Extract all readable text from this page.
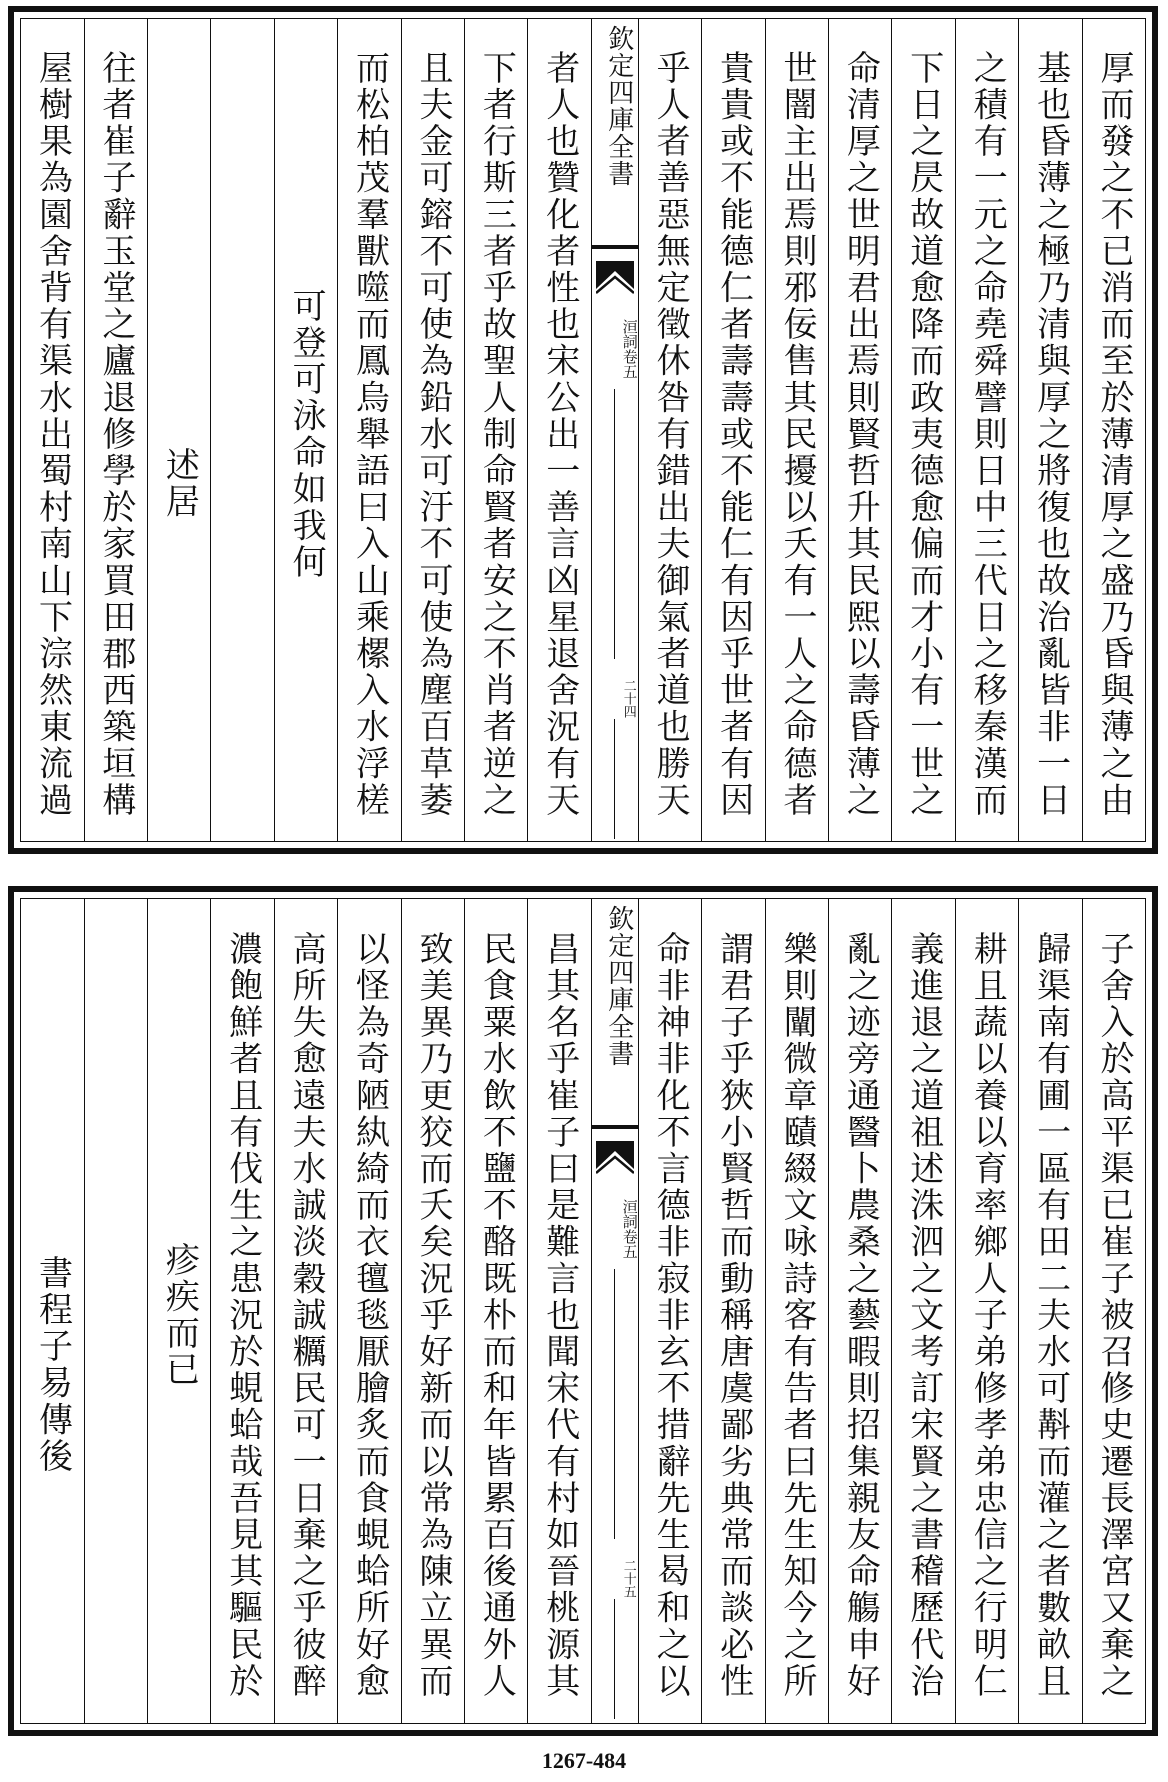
厚而發之不已消而至於薄清厚之盛乃昏與薄之由
基也昏薄之極乃清與厚之將復也故治亂皆非一日
之積有一元之命堯舜譬則日中三代日之移秦漢而
下日之昃故道愈降而政夷德愈偏而才小有一世之
命清厚之世明君出焉則賢哲升其民熙以壽昏薄之
世闇主出焉則邪佞售其民擾以夭有一人之命德者
貴貴或不能德仁者壽壽或不能仁有因乎世者有因
乎人者善惡無定徵休咎有錯出夫御氣者道也勝天
欽定四庫全書
洹詞
卷五
二十四
者人也贊化者性也宋公出一善言凶星退舍況有天
下者行斯三者乎故聖人制命賢者安之不肖者逆之
且夫金可鎔不可使為鉛水可汙不可使為塵百草萎
而松柏茂羣獸噬而鳳烏舉語曰入山乘樏入水浮槎
可登可泳命如我何
述居
往者崔子辭玉堂之廬退修學於家買田郡西築垣構
屋樹果為園舍背有渠水出蜀村南山下淙然東流過
子舍入於高平渠已崔子被召修史遷長澤宮又棄之
歸渠南有圃一區有田二夫水可斠而灌之者數畝且
耕且蔬以養以育率鄉人子弟修孝弟忠信之行明仁
義進退之道祖述洙泗之文考訂宋賢之書稽歷代治
亂之迹旁通醫卜農桑之藝暇則招集親友命觴申好
樂則闡微章賾綴文咏詩客有告者曰先生知今之所
謂君子乎狹小賢哲而動稱唐虞鄙劣典常而談必性
命非神非化不言德非寂非玄不措辭先生曷和之以
欽定四庫全書
洹詞
卷五
二十五
昌其名乎崔子曰是難言也聞宋代有村如晉桃源其
民食粟水飲不鹽不酪既朴而和年皆累百後通外人
致美異乃更狡而夭矣況乎好新而以常為陳立異而
以怪為奇陋紈綺而衣氊毯厭膾炙而食蜆蛤所好愈
高所失愈遠夫水誠淡穀誠糲民可一日棄之乎彼醉
濃飽鮮者且有伐生之患況於蜆蛤哉吾見其驅民於
疹疾而已
書程子易傳後
1267-484
